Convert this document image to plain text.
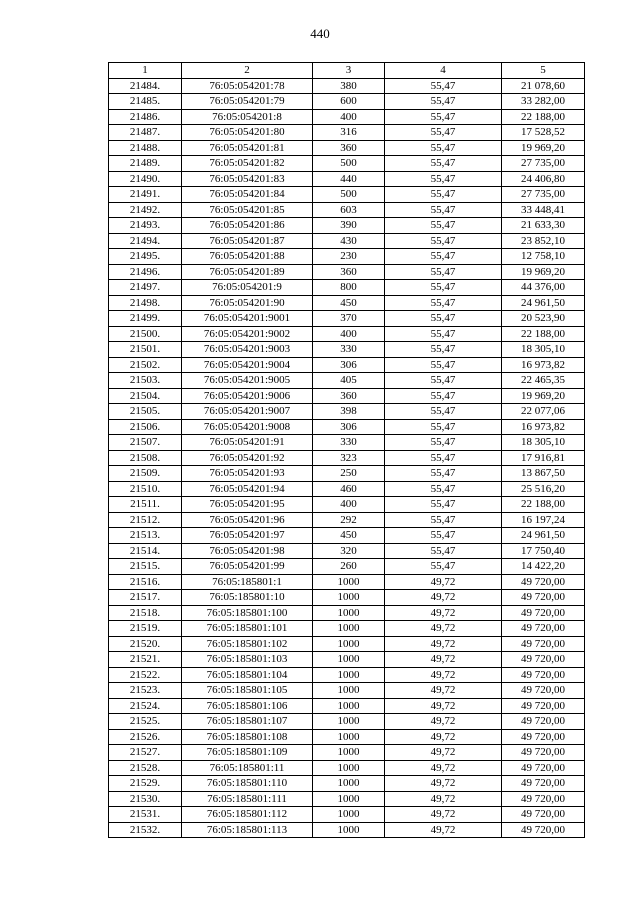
440
1	2	3	4	5
21484.	76:05:054201:78	380	55,47	21 078,60
21485.	76:05:054201:79	600	55,47	33 282,00
21486.	76:05:054201:8	400	55,47	22 188,00
21487.	76:05:054201:80	316	55,47	17 528,52
21488.	76:05:054201:81	360	55,47	19 969,20
21489.	76:05:054201:82	500	55,47	27 735,00
21490.	76:05:054201:83	440	55,47	24 406,80
21491.	76:05:054201:84	500	55,47	27 735,00
21492.	76:05:054201:85	603	55,47	33 448,41
21493.	76:05:054201:86	390	55,47	21 633,30
21494.	76:05:054201:87	430	55,47	23 852,10
21495.	76:05:054201:88	230	55,47	12 758,10
21496.	76:05:054201:89	360	55,47	19 969,20
21497.	76:05:054201:9	800	55,47	44 376,00
21498.	76:05:054201:90	450	55,47	24 961,50
21499.	76:05:054201:9001	370	55,47	20 523,90
21500.	76:05:054201:9002	400	55,47	22 188,00
21501.	76:05:054201:9003	330	55,47	18 305,10
21502.	76:05:054201:9004	306	55,47	16 973,82
21503.	76:05:054201:9005	405	55,47	22 465,35
21504.	76:05:054201:9006	360	55,47	19 969,20
21505.	76:05:054201:9007	398	55,47	22 077,06
21506.	76:05:054201:9008	306	55,47	16 973,82
21507.	76:05:054201:91	330	55,47	18 305,10
21508.	76:05:054201:92	323	55,47	17 916,81
21509.	76:05:054201:93	250	55,47	13 867,50
21510.	76:05:054201:94	460	55,47	25 516,20
21511.	76:05:054201:95	400	55,47	22 188,00
21512.	76:05:054201:96	292	55,47	16 197,24
21513.	76:05:054201:97	450	55,47	24 961,50
21514.	76:05:054201:98	320	55,47	17 750,40
21515.	76:05:054201:99	260	55,47	14 422,20
21516.	76:05:185801:1	1000	49,72	49 720,00
21517.	76:05:185801:10	1000	49,72	49 720,00
21518.	76:05:185801:100	1000	49,72	49 720,00
21519.	76:05:185801:101	1000	49,72	49 720,00
21520.	76:05:185801:102	1000	49,72	49 720,00
21521.	76:05:185801:103	1000	49,72	49 720,00
21522.	76:05:185801:104	1000	49,72	49 720,00
21523.	76:05:185801:105	1000	49,72	49 720,00
21524.	76:05:185801:106	1000	49,72	49 720,00
21525.	76:05:185801:107	1000	49,72	49 720,00
21526.	76:05:185801:108	1000	49,72	49 720,00
21527.	76:05:185801:109	1000	49,72	49 720,00
21528.	76:05:185801:11	1000	49,72	49 720,00
21529.	76:05:185801:110	1000	49,72	49 720,00
21530.	76:05:185801:111	1000	49,72	49 720,00
21531.	76:05:185801:112	1000	49,72	49 720,00
21532.	76:05:185801:113	1000	49,72	49 720,00
